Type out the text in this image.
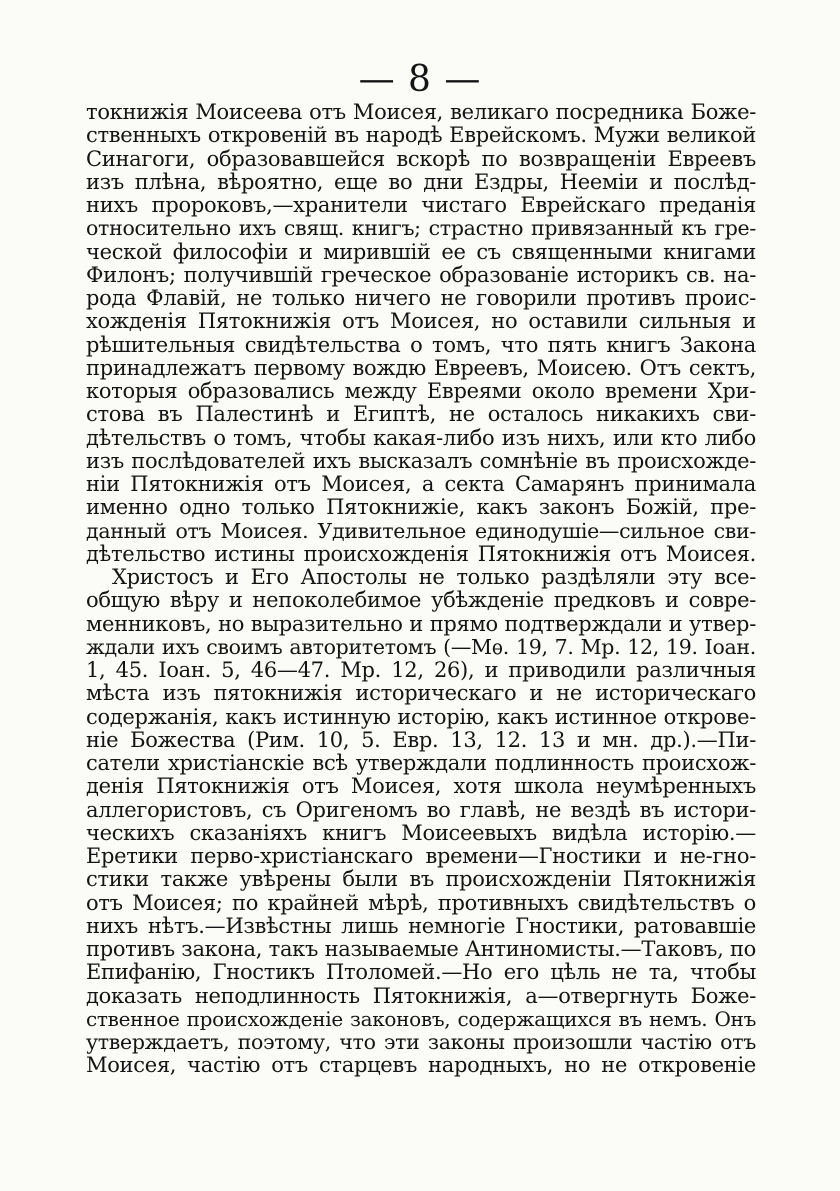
— 8 —
токнижія Моисеева отъ Моисея, великаго посредника Боже-
ственныхъ откровеній въ народѣ Еврейскомъ. Мужи великой
Синагоги, образовавшейся вскорѣ по возвращеніи Евреевъ
изъ плѣна, вѣроятно, еще во дни Ездры, Нееміи и послѣд-
нихъ пророковъ,—хранители чистаго Еврейскаго преданія
относительно ихъ свящ. книгъ; страстно привязанный къ гре-
ческой философіи и мирившій ее съ священными книгами
Филонъ; получившій греческое образованіе историкъ св. на-
рода Флавій, не только ничего не говорили противъ проис-
хожденія Пятокнижія отъ Моисея, но оставили сильныя и
рѣшительныя свидѣтельства о томъ, что пять книгъ Закона
принадлежатъ первому вождю Евреевъ, Моисею. Отъ сектъ,
которыя образовались между Евреями около времени Хри-
стова въ Палестинѣ и Египтѣ, не осталось никакихъ сви-
дѣтельствъ о томъ, чтобы какая-либо изъ нихъ, или кто либо
изъ послѣдователей ихъ высказалъ сомнѣніе въ происхожде-
ніи Пятокнижія отъ Моисея, а секта Самарянъ принимала
именно одно только Пятокнижіе, какъ законъ Божій, пре-
данный отъ Моисея. Удивительное единодушіе—сильное сви-
дѣтельство истины происхожденія Пятокнижія отъ Моисея.
Христосъ и Его Апостолы не только раздѣляли эту все-
общую вѣру и непоколебимое убѣжденіе предковъ и совре-
менниковъ, но выразительно и прямо подтверждали и утвер-
ждали ихъ своимъ авторитетомъ (—Мѳ. 19, 7. Мр. 12, 19. Іоан.
1, 45. Іоан. 5, 46—47. Мр. 12, 26), и приводили различныя
мѣста изъ пятокнижія историческаго и не историческаго
содержанія, какъ истинную исторію, какъ истинное открове-
ніе Божества (Рим. 10, 5. Евр. 13, 12. 13 и мн. др.).—Пи-
сатели христіанскіе всѣ утверждали подлинность происхож-
денія Пятокнижія отъ Моисея, хотя школа неумѣренныхъ
аллегористовъ, съ Оригеномъ во главѣ, не вездѣ въ истори-
ческихъ сказаніяхъ книгъ Моисеевыхъ видѣла исторію.—
Еретики перво-христіанскаго времени—Гностики и не-гно-
стики также увѣрены были въ происхожденіи Пятокнижія
отъ Моисея; по крайней мѣрѣ, противныхъ свидѣтельствъ о
нихъ нѣтъ.—Извѣстны лишь немногіе Гностики, ратовавшіе
противъ закона, такъ называемые Антиномисты.—Таковъ, по
Епифанію, Гностикъ Птоломей.—Но его цѣль не та, чтобы
доказать неподлинность Пятокнижія, а—отвергнуть Боже-
ственное происхожденіе законовъ, содержащихся въ немъ. Онъ
утверждаетъ, поэтому, что эти законы произошли частію отъ
Моисея, частію отъ старцевъ народныхъ, но не откровеніе
